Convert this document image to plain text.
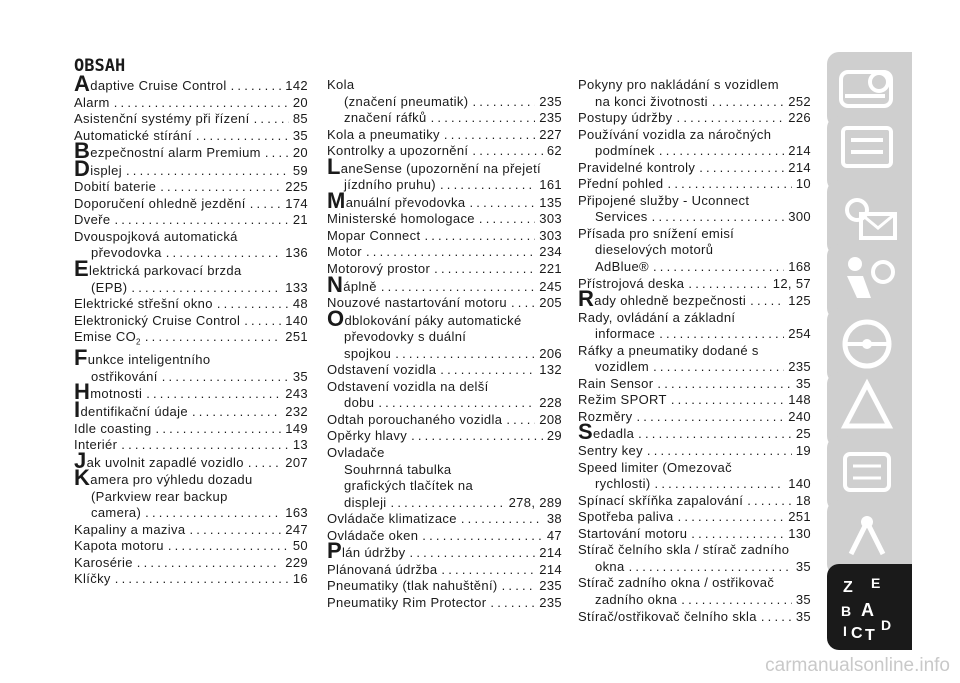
OBSAH
Adaptive Cruise Control .....	142
Alarm .....	20
Asistenční systémy při řízení .....	85
Automatické stírání .....	35
Bezpečnostní alarm Premium ..... 20
Displej .....	59
Dobití baterie .....	225
Doporučení ohledně jezdění .....	174
Dveře .....	21
Dvouspojková automatická
převodovka .....	136
Elektrická parkovací brzda
(EPB) .....	133
Elektrické střešní okno .....	48
Elektronický Cruise Control .....	140
Emise $CO_2$ .....	251
Funkce inteligentního
ostřikování .....	35
Hmotnosti .....	243
Identifikační údaje .....	232
Idle coasting .....	149
Interiér .....	13
Jak uvolnit zapadlé vozidlo .....	207
Kamera pro výhledu dozadu
(Parkview rear backup
camera) .....	163
Kapaliny a maziva .....	247
Kapota motoru .....	50
Karosérie .....	229
Klíčky .....	16
Kola
(značení pneumatik) .....	235
značení ráfků .....	235
Kola a pneumatiky .....	227
Kontrolky a upozornění .....	62
LaneSense (upozornění na přejetí
jízdního pruhu) .....	161
Manuální převodovka .....	135
Ministerské homologace .....	303
Mopar Connect .....	303
Motor .....	234
Motorový prostor .....	221
Náplně .....	245
Nouzové nastartování motoru ..... 205
Odblokování páky automatické
převodovky s duální
spojkou .....	206
Odstavení vozidla .....	132
Odstavení vozidla na delší
dobu .....	228
Odtah porouchaného vozidla .....	208
Opěrky hlavy .....	29
Ovladače
Souhrnná tabulka
grafických tlačítek na
displeji .....	278, 289
Ovládače klimatizace .....	38
Ovládače oken .....	47
Plán údržby .....	214
Plánovaná údržba .....	214
Pneumatiky (tlak nahuštění) .....	235
Pneumatiky Rim Protector .....	235
Pokyny pro nakládání s vozidlem
na konci životnosti .....	252
Postupy údržby .....	226
Používání vozidla za náročných
podmínek .....	214
Pravidelné kontroly .....	214
Přední pohled .....	10
Připojené služby - Uconnect
Services .....	300
Přísada pro snížení emisí
dieselových motorů
AdBlue® .....	168
Přístrojová deska .....	12, 57
Rady ohledně bezpečnosti .....	125
Rady, ovládání a základní
informace .....	254
Ráfky a pneumatiky dodané s
vozidlem .....	235
Rain Sensor .....	35
Režim SPORT .....	148
Rozměry .....	240
Sedadla .....	25
Sentry key .....	19
Speed limiter (Omezovač
rychlosti) .....	140
Spínací skříňka zapalování .....	18
Spotřeba paliva .....	251
Startování motoru .....	130
Stírač čelního skla / stírač zadního
okna .....	35
Stírač zadního okna / ostřikovač
zadního okna .....	35
Stírač/ostřikovač čelního skla .....	35
Z E
B A
C T
D
I
carmanualsonline.info
